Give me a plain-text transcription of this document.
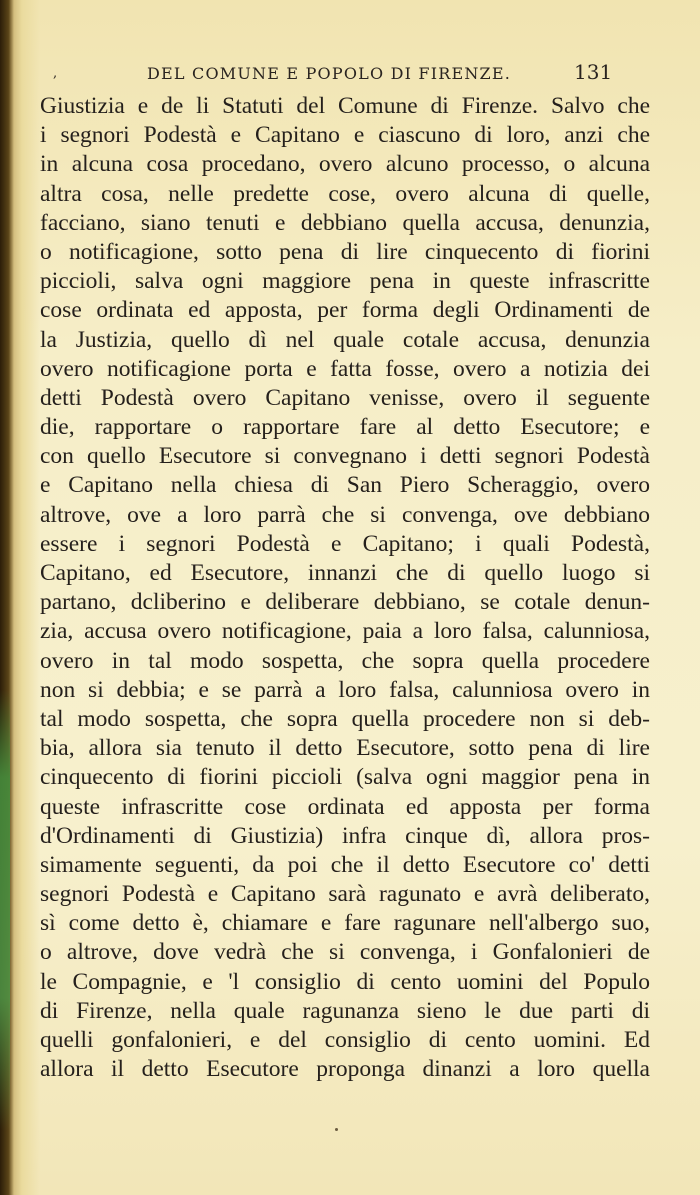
,	DEL COMUNE E POPOLO DI FIRENZE.	131
Giustizia e de li Statuti del Comune di Firenze. Salvo che
i segnori Podestà e Capitano e ciascuno di loro, anzi che
in alcuna cosa procedano, overo alcuno processo, o alcuna
altra cosa, nelle predette cose, overo alcuna di quelle,
facciano, siano tenuti e debbiano quella accusa, denunzia,
o notificagione, sotto pena di lire cinquecento di fiorini
piccioli, salva ogni maggiore pena in queste infrascritte
cose ordinata ed apposta, per forma degli Ordinamenti de
la Justizia, quello dì nel quale cotale accusa, denunzia
overo notificagione porta e fatta fosse, overo a notizia dei
detti Podestà overo Capitano venisse, overo il seguente
die, rapportare o rapportare fare al detto Esecutore; e
con quello Esecutore si convegnano i detti segnori Podestà
e Capitano nella chiesa di San Piero Scheraggio, overo
altrove, ove a loro parrà che si convenga, ove debbiano
essere i segnori Podestà e Capitano; i quali Podestà,
Capitano, ed Esecutore, innanzi che di quello luogo si
partano, dcliberino e deliberare debbiano, se cotale denun-
zia, accusa overo notificagione, paia a loro falsa, calunniosa,
overo in tal modo sospetta, che sopra quella procedere
non si debbia; e se parrà a loro falsa, calunniosa overo in
tal modo sospetta, che sopra quella procedere non si deb-
bia, allora sia tenuto il detto Esecutore, sotto pena di lire
cinquecento di fiorini piccioli (salva ogni maggior pena in
queste infrascritte cose ordinata ed apposta per forma
d'Ordinamenti di Giustizia) infra cinque dì, allora pros-
simamente seguenti, da poi che il detto Esecutore co' detti
segnori Podestà e Capitano sarà ragunato e avrà deliberato,
sì come detto è, chiamare e fare ragunare nell'albergo suo,
o altrove, dove vedrà che si convenga, i Gonfalonieri de
le Compagnie, e 'l consiglio di cento uomini del Populo
di Firenze, nella quale ragunanza sieno le due parti di
quelli gonfalonieri, e del consiglio di cento uomini. Ed
allora il detto Esecutore proponga dinanzi a loro quella
